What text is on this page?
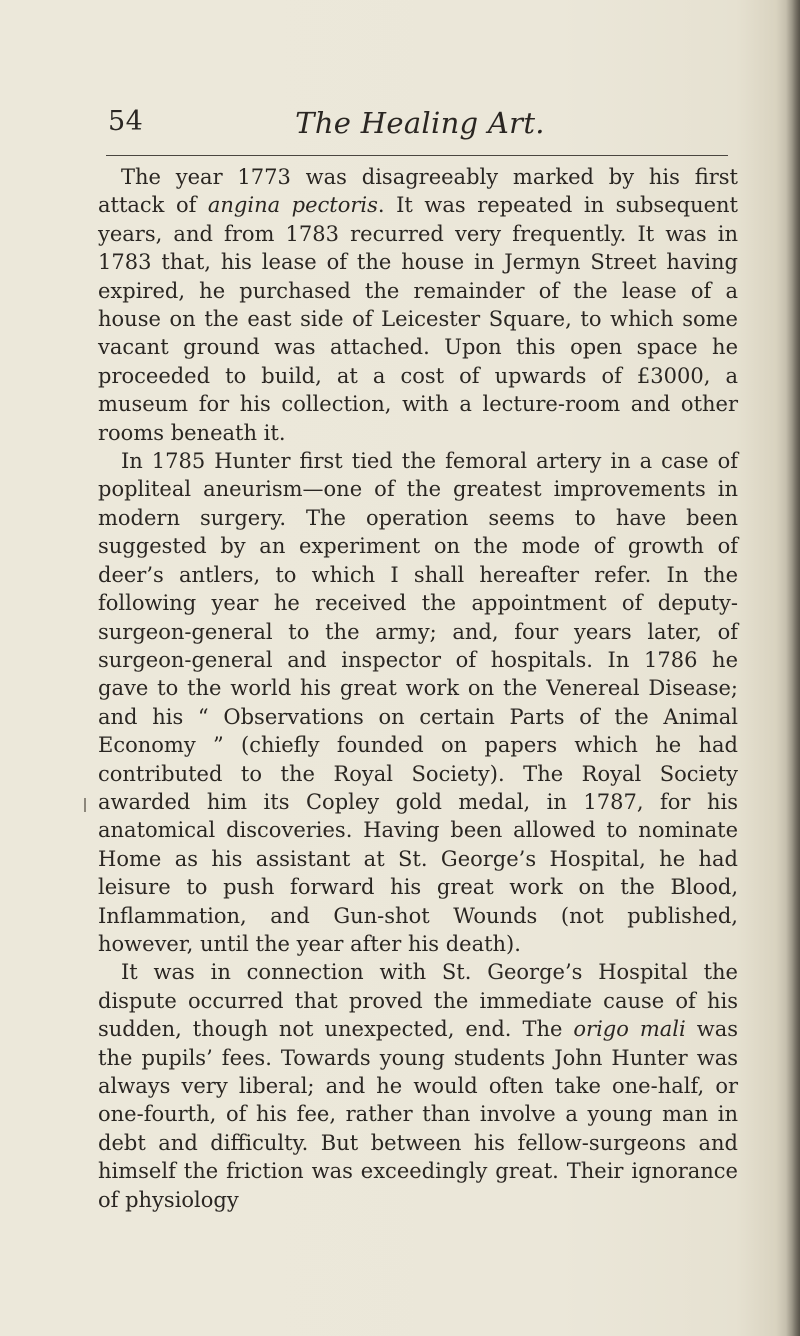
54	The Healing Art.

The year 1773 was disagreeably marked by his first attack of angina pectoris. It was repeated in subsequent years, and from 1783 recurred very frequently. It was in 1783 that, his lease of the house in Jermyn Street having expired, he purchased the remainder of the lease of a house on the east side of Leicester Square, to which some vacant ground was attached. Upon this open space he proceeded to build, at a cost of upwards of £3000, a museum for his collection, with a lecture-room and other rooms beneath it.

In 1785 Hunter first tied the femoral artery in a case of popliteal aneurism—one of the greatest improvements in modern surgery. The operation seems to have been suggested by an experiment on the mode of growth of deer’s antlers, to which I shall hereafter refer. In the following year he received the appointment of deputy-surgeon-general to the army; and, four years later, of surgeon-general and inspector of hospitals. In 1786 he gave to the world his great work on the Venereal Disease; and his “ Observations on certain Parts of the Animal Economy ” (chiefly founded on papers which he had contributed to the Royal Society). The Royal Society awarded him its Copley gold medal, in 1787, for his anatomical discoveries. Having been allowed to nominate Home as his assistant at St. George’s Hospital, he had leisure to push forward his great work on the Blood, Inflammation, and Gun-shot Wounds (not published, however, until the year after his death).

It was in connection with St. George’s Hospital the dispute occurred that proved the immediate cause of his sudden, though not unexpected, end. The origo mali was the pupils’ fees. Towards young students John Hunter was always very liberal; and he would often take one-half, or one-fourth, of his fee, rather than involve a young man in debt and difficulty. But between his fellow-surgeons and himself the friction was exceedingly great. Their ignorance of physiology
